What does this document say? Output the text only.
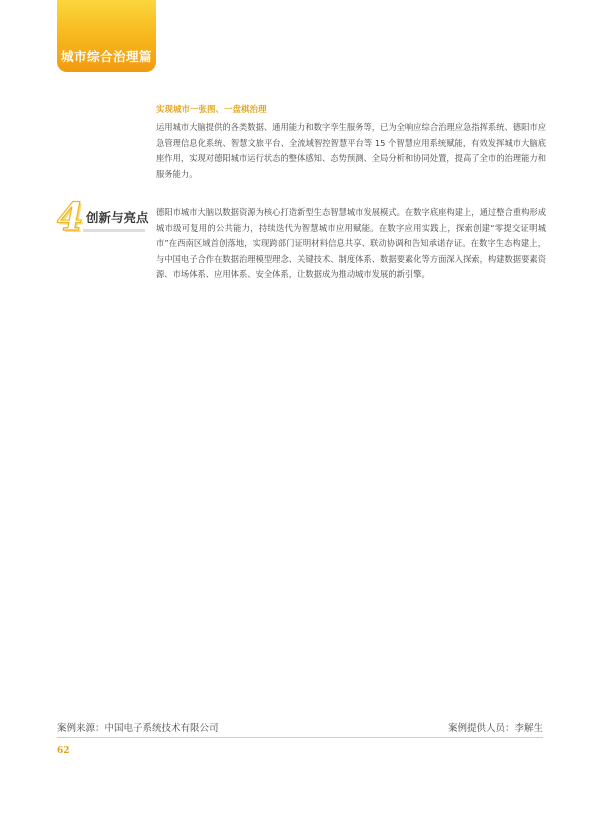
城市综合治理篇
实现城市一张图、一盘棋治理

运用城市大脑提供的各类数据、通用能力和数字孪生服务等，已为全响应综合治理应急指挥系统、德阳市应急管理信息化系统、智慧文旅平台、全流域智控智慧平台等 15 个智慧应用系统赋能，有效发挥城市大脑底座作用，实现对德阳城市运行状态的整体感知、态势预测、全局分析和协同处置，提高了全市的治理能力和服务能力。

4 创新与亮点 德阳市城市大脑以数据资源为核心打造新型生态智慧城市发展模式。在数字底座构建上，通过整合重构形成城市级可复用的公共能力，持续迭代为智慧城市应用赋能。在数字应用实践上，探索创建“零提交证明城市”在西南区域首创落地，实现跨部门证明材料信息共享、联动协调和告知承诺存证。在数字生态构建上，与中国电子合作在数据治理模型理念、关键技术、制度体系、数据要素化等方面深入探索，构建数据要素资源、市场体系、应用体系、安全体系，让数据成为推动城市发展的新引擎。

案例来源：中国电子系统技术有限公司	案例提供人员：李解生
62
